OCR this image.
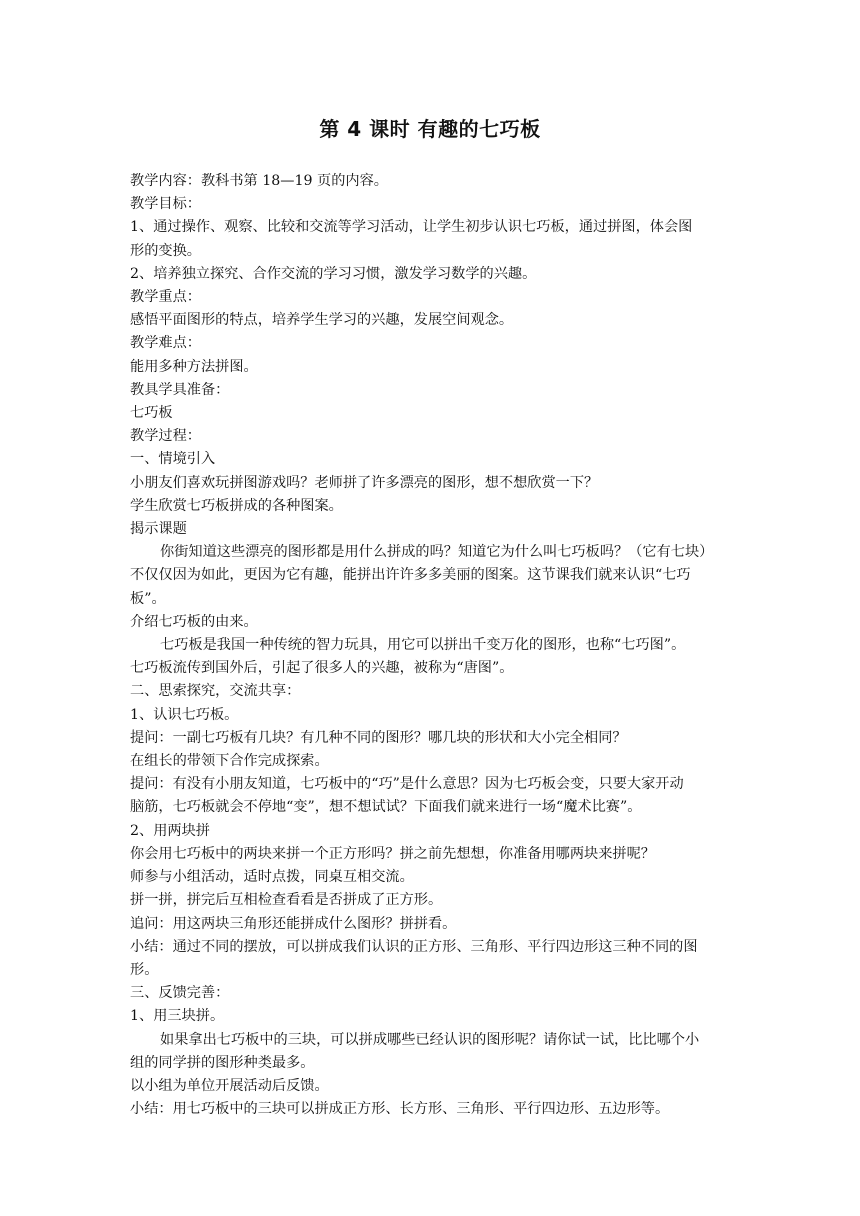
第 4 课时 有趣的七巧板

教学内容：教科书第 18—19 页的内容。

教学目标：

1、通过操作、观察、比较和交流等学习活动，让学生初步认识七巧板，通过拼图，体会图

形的变换。

2、培养独立探究、合作交流的学习习惯，激发学习数学的兴趣。

教学重点：

感悟平面图形的特点，培养学生学习的兴趣，发展空间观念。

教学难点：

能用多种方法拼图。

教具学具准备：

七巧板

教学过程：

一、情境引入

小朋友们喜欢玩拼图游戏吗？老师拼了许多漂亮的图形，想不想欣赏一下？

学生欣赏七巧板拼成的各种图案。

揭示课题

你街知道这些漂亮的图形都是用什么拼成的吗？知道它为什么叫七巧板吗？（它有七块）

不仅仅因为如此，更因为它有趣，能拼出许许多多美丽的图案。这节课我们就来认识“七巧

板”。

介绍七巧板的由来。

七巧板是我国一种传统的智力玩具，用它可以拼出千变万化的图形，也称“七巧图”。

七巧板流传到国外后，引起了很多人的兴趣，被称为“唐图”。

二、思索探究，交流共享：

1、认识七巧板。

提问：一副七巧板有几块？有几种不同的图形？哪几块的形状和大小完全相同？

在组长的带领下合作完成探索。

提问：有没有小朋友知道，七巧板中的“巧”是什么意思？因为七巧板会变，只要大家开动

脑筋，七巧板就会不停地“变”，想不想试试？下面我们就来进行一场“魔术比赛”。

2、用两块拼

你会用七巧板中的两块来拼一个正方形吗？拼之前先想想，你准备用哪两块来拼呢？

师参与小组活动，适时点拨，同桌互相交流。

拼一拼，拼完后互相检查看看是否拼成了正方形。

追问：用这两块三角形还能拼成什么图形？拼拼看。

小结：通过不同的摆放，可以拼成我们认识的正方形、三角形、平行四边形这三种不同的图

形。

三、反馈完善：

1、用三块拼。

如果拿出七巧板中的三块，可以拼成哪些已经认识的图形呢？请你试一试，比比哪个小

组的同学拼的图形种类最多。

以小组为单位开展活动后反馈。

小结：用七巧板中的三块可以拼成正方形、长方形、三角形、平行四边形、五边形等。
